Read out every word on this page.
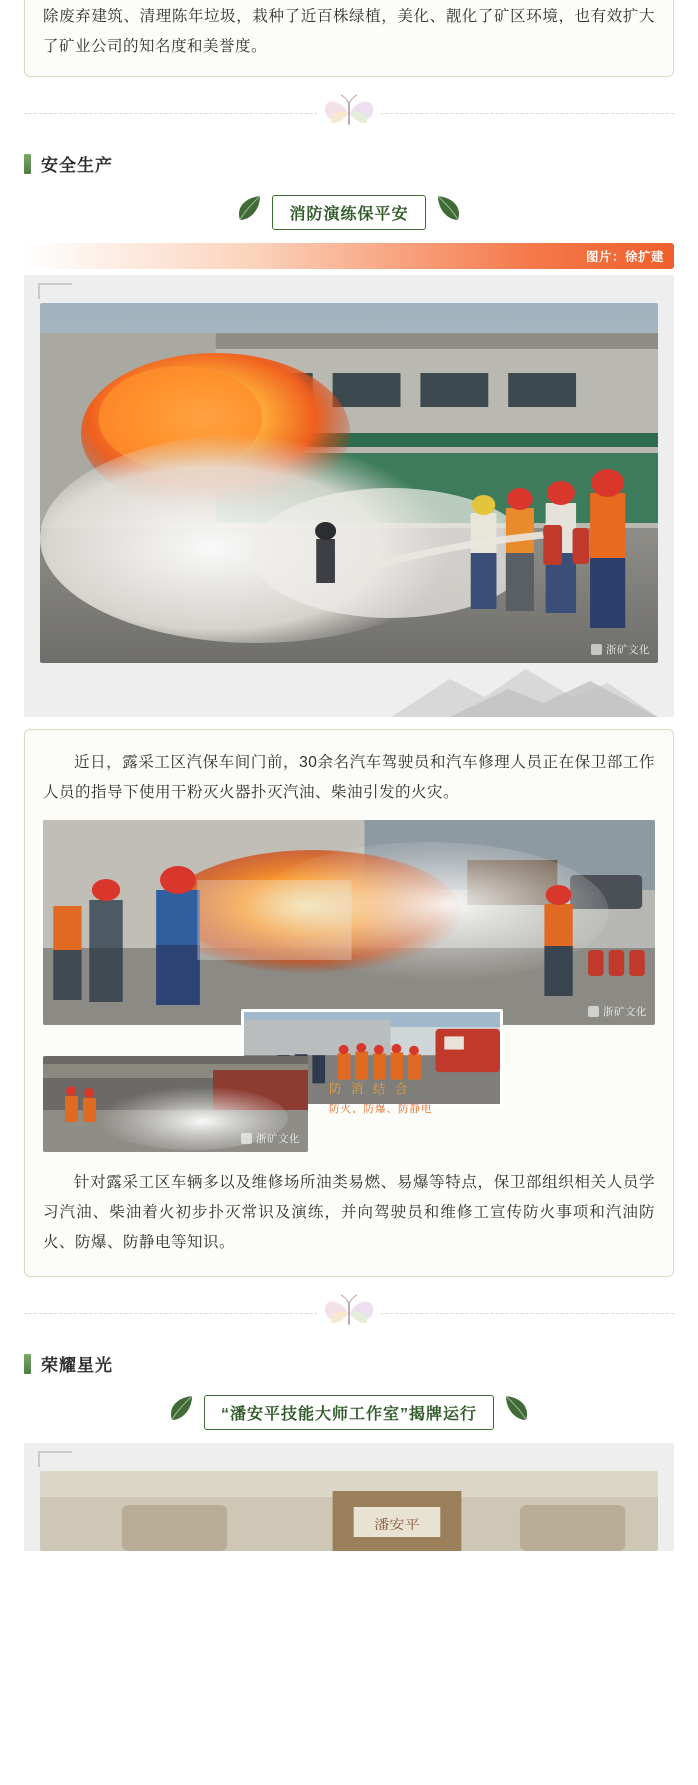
除废弃建筑、清理陈年垃圾，栽种了近百株绿植，美化、靓化了矿区环境，也有效扩大了矿业公司的知名度和美誉度。
安全生产
消防演练保平安
图片：徐扩建
浙矿文化
近日，露采工区汽保车间门前，30余名汽车驾驶员和汽车修理人员正在保卫部工作人员的指导下使用干粉灭火器扑灭汽油、柴油引发的火灾。
浙矿文化
浙矿文化
防 消 结 合
防火、防爆、防静电
针对露采工区车辆多以及维修场所油类易燃、易爆等特点，保卫部组织相关人员学习汽油、柴油着火初步扑灭常识及演练，并向驾驶员和维修工宣传防火事项和汽油防火、防爆、防静电等知识。
荣耀星光
“潘安平技能大师工作室”揭牌运行
潘安平
